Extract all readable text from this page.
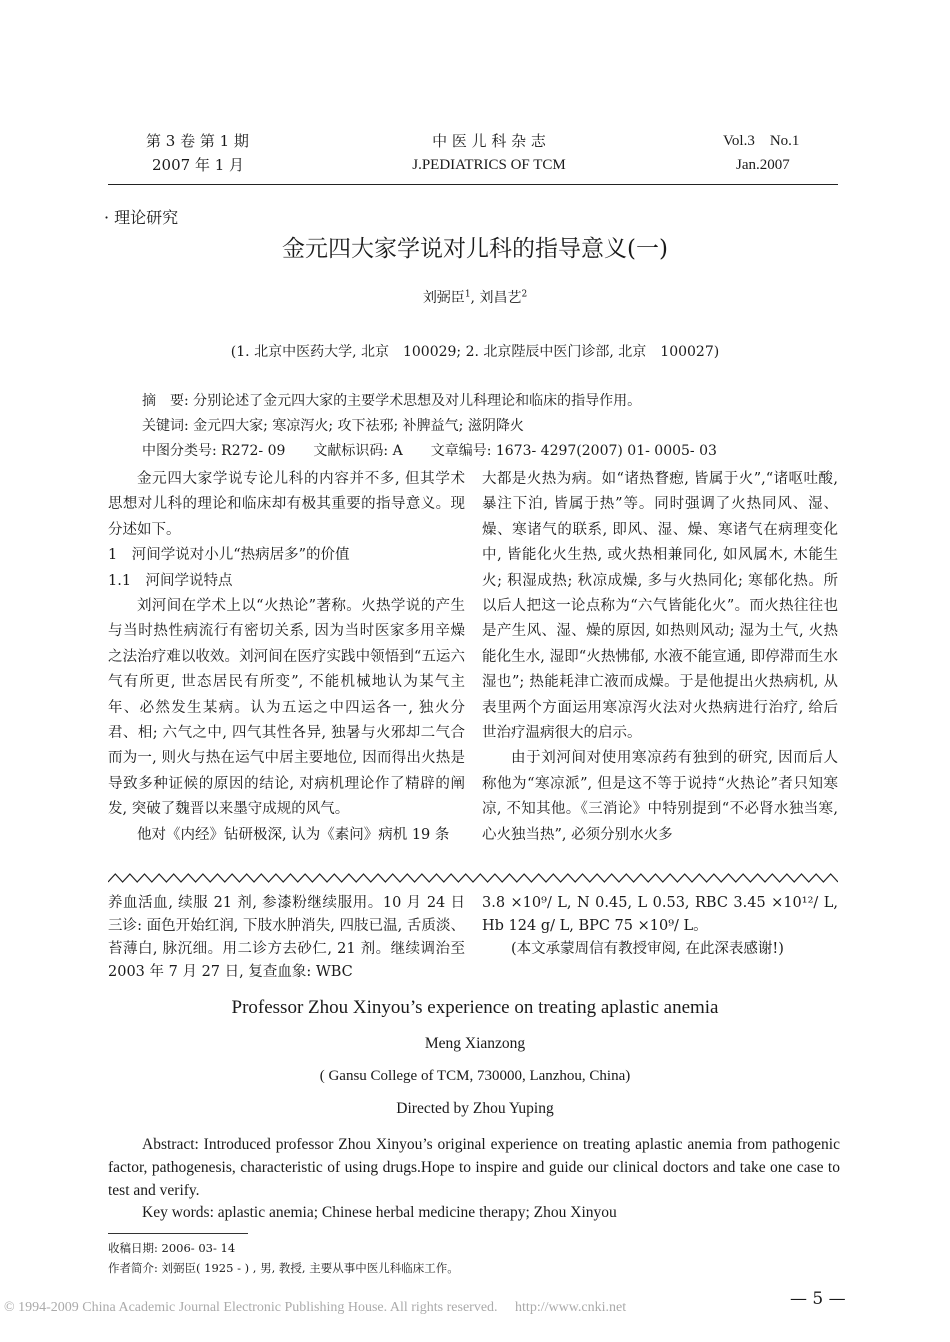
第 3 卷 第 1 期
2007 年 1 月
中 医 儿 科 杂 志
J.PEDIATRICS OF TCM
Vol.3　No.1
Jan.2007
· 理论研究
金元四大家学说对儿科的指导意义(一)
刘弼臣$^1$, 刘昌艺$^2$
(1. 北京中医药大学, 北京　100029; 2. 北京陛辰中医门诊部, 北京　100027)
摘　要: 分别论述了金元四大家的主要学术思想及对儿科理论和临床的指导作用。
关键词: 金元四大家; 寒凉泻火; 攻下祛邪; 补脾益气; 滋阴降火
中图分类号: R272- 09　　文献标识码: A　　文章编号: 1673- 4297(2007) 01- 0005- 03

金元四大家学说专论儿科的内容并不多, 但其学术思想对儿科的理论和临床却有极其重要的指导意义。现分述如下。

1　河间学说对小儿“热病居多”的价值

1.1　河间学说特点

刘河间在学术上以“火热论”著称。火热学说的产生与当时热性病流行有密切关系, 因为当时医家多用辛燥之法治疗难以收效。刘河间在医疗实践中领悟到“五运六气有所更, 世态居民有所变”, 不能机械地认为某气主年、必然发生某病。认为五运之中四运各一, 独火分君、相; 六气之中, 四气其性各异, 独暑与火邪却二气合而为一, 则火与热在运气中居主要地位, 因而得出火热是导致多种证候的原因的结论, 对病机理论作了精辟的阐发, 突破了魏晋以来墨守成规的风气。

他对《内经》钻研极深, 认为《素问》病机 19 条

大都是火热为病。如“诸热瞀瘛, 皆属于火”,“诸呕吐酸, 暴注下泊, 皆属于热”等。同时强调了火热同风、湿、燥、寒诸气的联系, 即风、湿、燥、寒诸气在病理变化中, 皆能化火生热, 或火热相兼同化, 如风属木, 木能生火; 积湿成热; 秋凉成燥, 多与火热同化; 寒郁化热。所以后人把这一论点称为“六气皆能化火”。而火热往往也是产生风、湿、燥的原因, 如热则风动; 湿为土气, 火热能化生水, 湿即“火热怫郁, 水液不能宣通, 即停滞而生水湿也”; 热能耗津亡液而成燥。于是他提出火热病机, 从表里两个方面运用寒凉泻火法对火热病进行治疗, 给后世治疗温病很大的启示。

由于刘河间对使用寒凉药有独到的研究, 因而后人称他为“寒凉派”, 但是这不等于说持“火热论”者只知寒凉, 不知其他。《三消论》中特别提到“不必肾水独当寒, 心火独当热”, 必须分别水火多

养血活血, 续服 21 剂, 参漆粉继续服用。10 月 24 日三诊: 面色开始红润, 下肢水肿消失, 四肢已温, 舌质淡、苔薄白, 脉沉细。用二诊方去砂仁, 21 剂。继续调治至 2003 年 7 月 27 日, 复查血象: WBC
3.8 ×10⁹/ L, N 0.45, L 0.53, RBC 3.45 ×10¹²/ L, Hb 124 g/ L, BPC 75 ×10⁹/ L。
(本文承蒙周信有教授审阅, 在此深表感谢!)
Professor Zhou Xinyou’s experience on treating aplastic anemia
Meng Xianzong
( Gansu College of TCM, 730000, Lanzhou, China)
Directed by Zhou Yuping
Abstract: Introduced professor Zhou Xinyou’s original experience on treating aplastic anemia from pathogenic factor, pathogenesis, characteristic of using drugs.Hope to inspire and guide our clinical doctors and take one case to test and verify.
Key words: aplastic anemia; Chinese herbal medicine therapy; Zhou Xinyou
收稿日期: 2006- 03- 14
作者简介: 刘弼臣( 1925 - ) , 男, 教授, 主要从事中医儿科临床工作。
© 1994-2009 China Academic Journal Electronic Publishing House. All rights reserved.　 http://www.cnki.net	— 5 —
